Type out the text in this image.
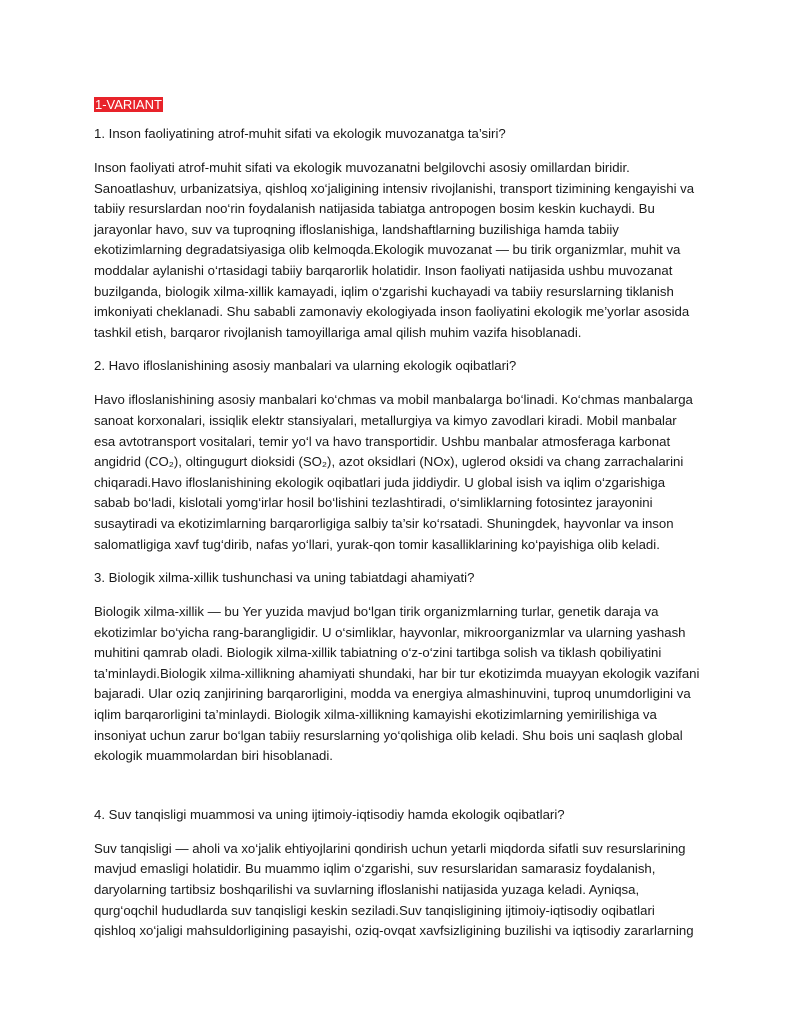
1-VARIANT

1. Inson faoliyatining atrof-muhit sifati va ekologik muvozanatga ta’siri?

Inson faoliyati atrof-muhit sifati va ekologik muvozanatni belgilovchi asosiy omillardan biridir. Sanoatlashuv, urbanizatsiya, qishloq xo‘jaligining intensiv rivojlanishi, transport tizimining kengayishi va tabiiy resurslardan noo‘rin foydalanish natijasida tabiatga antropogen bosim keskin kuchaydi. Bu jarayonlar havo, suv va tuproqning ifloslanishiga, landshaftlarning buzilishiga hamda tabiiy ekotizimlarning degradatsiyasiga olib kelmoqda.Ekologik muvozanat — bu tirik organizmlar, muhit va moddalar aylanishi o‘rtasidagi tabiiy barqarorlik holatidir. Inson faoliyati natijasida ushbu muvozanat buzilganda, biologik xilma-xillik kamayadi, iqlim o‘zgarishi kuchayadi va tabiiy resurslarning tiklanish imkoniyati cheklanadi. Shu sababli zamonaviy ekologiyada inson faoliyatini ekologik me’yorlar asosida tashkil etish, barqaror rivojlanish tamoyillariga amal qilish muhim vazifa hisoblanadi.

2. Havo ifloslanishining asosiy manbalari va ularning ekologik oqibatlari?

Havo ifloslanishining asosiy manbalari ko‘chmas va mobil manbalarga bo‘linadi. Ko‘chmas manbalarga sanoat korxonalari, issiqlik elektr stansiyalari, metallurgiya va kimyo zavodlari kiradi. Mobil manbalar esa avtotransport vositalari, temir yo‘l va havo transportidir. Ushbu manbalar atmosferaga karbonat angidrid (CO₂), oltingugurt dioksidi (SO₂), azot oksidlari (NOx), uglerod oksidi va chang zarrachalarini chiqaradi.Havo ifloslanishining ekologik oqibatlari juda jiddiydir. U global isish va iqlim o‘zgarishiga sabab bo‘ladi, kislotali yomg‘irlar hosil bo‘lishini tezlashtiradi, o‘simliklarning fotosintez jarayonini susaytiradi va ekotizimlarning barqarorligiga salbiy ta’sir ko‘rsatadi. Shuningdek, hayvonlar va inson salomatligiga xavf tug‘dirib, nafas yo‘llari, yurak-qon tomir kasalliklarining ko‘payishiga olib keladi.

3. Biologik xilma-xillik tushunchasi va uning tabiatdagi ahamiyati?

Biologik xilma-xillik — bu Yer yuzida mavjud bo‘lgan tirik organizmlarning turlar, genetik daraja va ekotizimlar bo‘yicha rang-barangligidir. U o‘simliklar, hayvonlar, mikroorganizmlar va ularning yashash muhitini qamrab oladi. Biologik xilma-xillik tabiatning o‘z-o‘zini tartibga solish va tiklash qobiliyatini ta’minlaydi.Biologik xilma-xillikning ahamiyati shundaki, har bir tur ekotizimda muayyan ekologik vazifani bajaradi. Ular oziq zanjirining barqarorligini, modda va energiya almashinuvini, tuproq unumdorligini va iqlim barqarorligini ta’minlaydi. Biologik xilma-xillikning kamayishi ekotizimlarning yemirilishiga va insoniyat uchun zarur bo‘lgan tabiiy resurslarning yo‘qolishiga olib keladi. Shu bois uni saqlash global ekologik muammolardan biri hisoblanadi.

4. Suv tanqisligi muammosi va uning ijtimoiy-iqtisodiy hamda ekologik oqibatlari?

Suv tanqisligi — aholi va xo‘jalik ehtiyojlarini qondirish uchun yetarli miqdorda sifatli suv resurslarining mavjud emasligi holatidir. Bu muammo iqlim o‘zgarishi, suv resurslaridan samarasiz foydalanish, daryolarning tartibsiz boshqarilishi va suvlarning ifloslanishi natijasida yuzaga keladi. Ayniqsa, qurg‘oqchil hududlarda suv tanqisligi keskin seziladi.Suv tanqisligining ijtimoiy-iqtisodiy oqibatlari qishloq xo‘jaligi mahsuldorligining pasayishi, oziq-ovqat xavfsizligining buzilishi va iqtisodiy zararlarning
